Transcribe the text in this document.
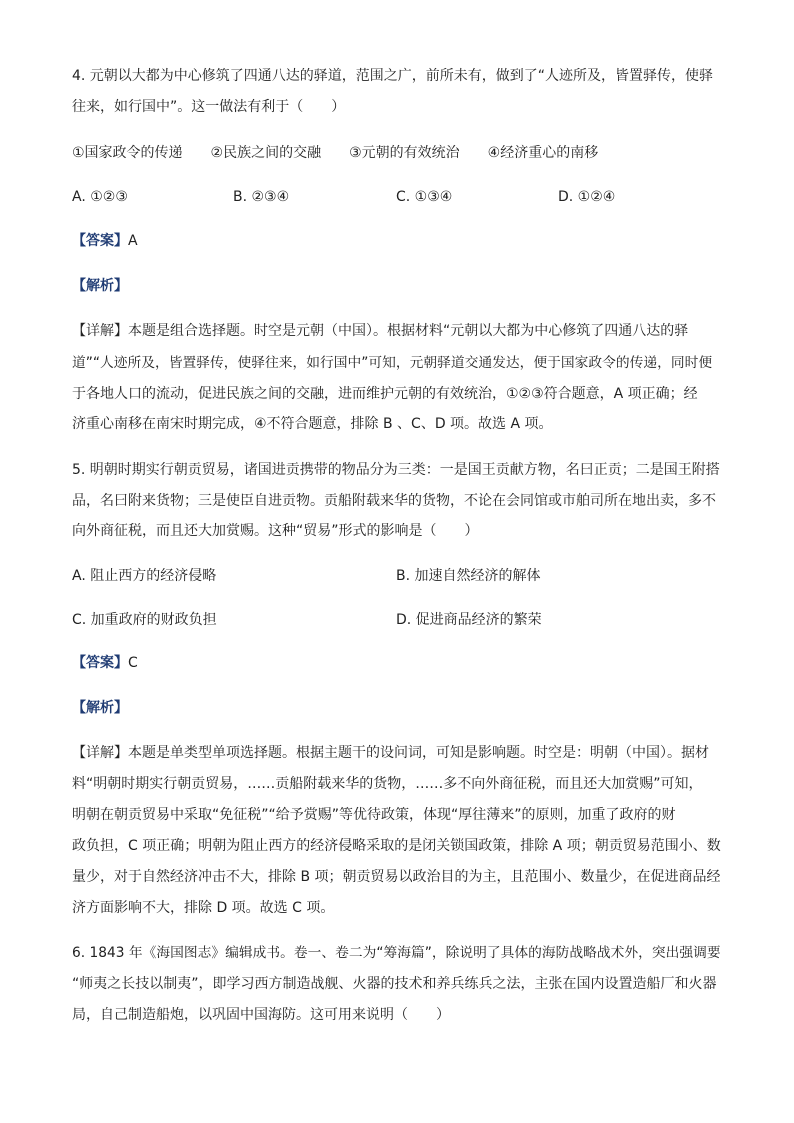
4. 元朝以大都为中心修筑了四通八达的驿道，范围之广，前所未有，做到了“人迹所及，皆置驿传，使驿
往来，如行国中”。这一做法有利于（　　）
①国家政令的传递　　②民族之间的交融　　③元朝的有效统治　　④经济重心的南移
A. ①②③	B. ②③④	C. ①③④	D. ①②④
【答案】A
【解析】
【详解】本题是组合选择题。时空是元朝（中国）。根据材料“元朝以大都为中心修筑了四通八达的驿
道”“人迹所及，皆置驿传，使驿往来，如行国中”可知，元朝驿道交通发达，便于国家政令的传递，同时便
于各地人口的流动，促进民族之间的交融，进而维护元朝的有效统治，①②③符合题意，A 项正确；经
济重心南移在南宋时期完成，④不符合题意，排除 B 、C、D 项。故选 A 项。
5. 明朝时期实行朝贡贸易，诸国进贡携带的物品分为三类：一是国王贡献方物，名曰正贡；二是国王附搭
品，名曰附来货物；三是使臣自进贡物。贡船附载来华的货物，不论在会同馆或市舶司所在地出卖，多不
向外商征税，而且还大加赏赐。这种“贸易”形式的影响是（　　）
A. 阻止西方的经济侵略	B. 加速自然经济的解体
C. 加重政府的财政负担	D. 促进商品经济的繁荣
【答案】C
【解析】
【详解】本题是单类型单项选择题。根据主题干的设问词，可知是影响题。时空是：明朝（中国）。据材
料“明朝时期实行朝贡贸易，……贡船附载来华的货物，……多不向外商征税，而且还大加赏赐”可知，
明朝在朝贡贸易中采取“免征税”“给予赏赐”等优待政策，体现“厚往薄来”的原则，加重了政府的财
政负担，C 项正确；明朝为阻止西方的经济侵略采取的是闭关锁国政策，排除 A 项；朝贡贸易范围小、数
量少，对于自然经济冲击不大，排除 B 项；朝贡贸易以政治目的为主，且范围小、数量少，在促进商品经
济方面影响不大，排除 D 项。故选 C 项。
6. 1843 年《海国图志》编辑成书。卷一、卷二为“筹海篇”，除说明了具体的海防战略战术外，突出强调要
“师夷之长技以制夷”，即学习西方制造战舰、火器的技术和养兵练兵之法，主张在国内设置造船厂和火器
局，自己制造船炮，以巩固中国海防。这可用来说明（　　）
